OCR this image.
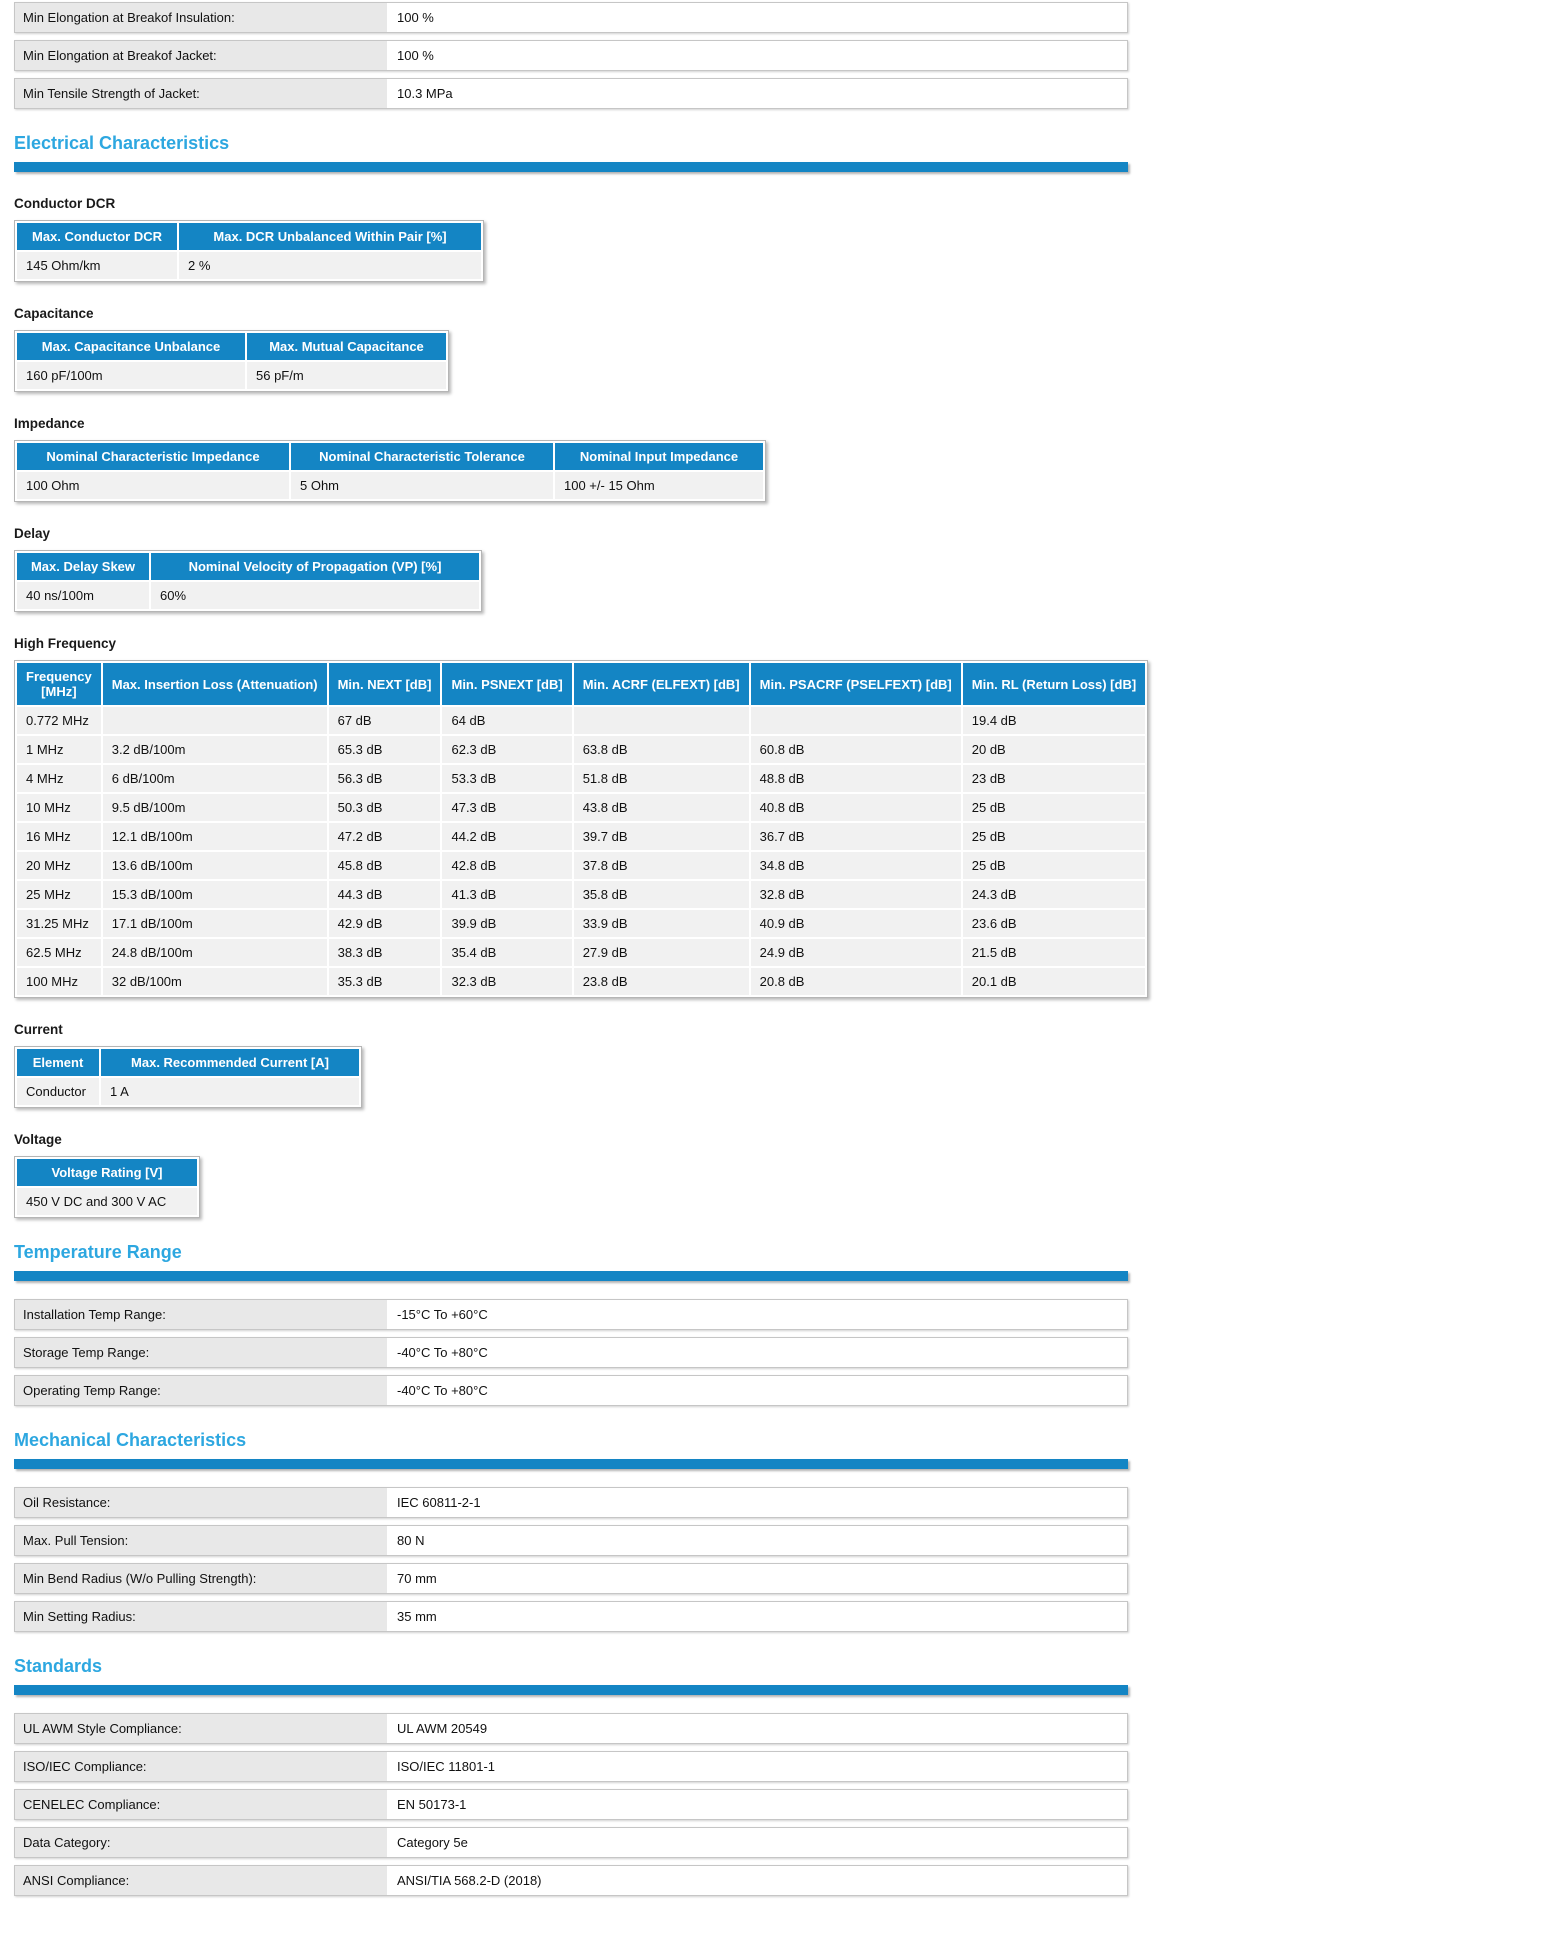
Min Elongation at Breakof Insulation:	100 %
Min Elongation at Breakof Jacket:	100 %
Min Tensile Strength of Jacket:	10.3 MPa
Electrical Characteristics
Conductor DCR
Max. Conductor DCR	Max. DCR Unbalanced Within Pair [%]
145 Ohm/km	2 %
Capacitance
Max. Capacitance Unbalance	Max. Mutual Capacitance
160 pF/100m	56 pF/m
Impedance
Nominal Characteristic Impedance	Nominal Characteristic Tolerance	Nominal Input Impedance
100 Ohm	5 Ohm	100 +/- 15 Ohm
Delay
Max. Delay Skew	Nominal Velocity of Propagation (VP) [%]
40 ns/100m	60%
High Frequency
Frequency [MHz]	Max. Insertion Loss (Attenuation)	Min. NEXT [dB]	Min. PSNEXT [dB]	Min. ACRF (ELFEXT) [dB]	Min. PSACRF (PSELFEXT) [dB]	Min. RL (Return Loss) [dB]
0.772 MHz		67 dB	64 dB			19.4 dB
1 MHz	3.2 dB/100m	65.3 dB	62.3 dB	63.8 dB	60.8 dB	20 dB
4 MHz	6 dB/100m	56.3 dB	53.3 dB	51.8 dB	48.8 dB	23 dB
10 MHz	9.5 dB/100m	50.3 dB	47.3 dB	43.8 dB	40.8 dB	25 dB
16 MHz	12.1 dB/100m	47.2 dB	44.2 dB	39.7 dB	36.7 dB	25 dB
20 MHz	13.6 dB/100m	45.8 dB	42.8 dB	37.8 dB	34.8 dB	25 dB
25 MHz	15.3 dB/100m	44.3 dB	41.3 dB	35.8 dB	32.8 dB	24.3 dB
31.25 MHz	17.1 dB/100m	42.9 dB	39.9 dB	33.9 dB	40.9 dB	23.6 dB
62.5 MHz	24.8 dB/100m	38.3 dB	35.4 dB	27.9 dB	24.9 dB	21.5 dB
100 MHz	32 dB/100m	35.3 dB	32.3 dB	23.8 dB	20.8 dB	20.1 dB
Current
Element	Max. Recommended Current [A]
Conductor	1 A
Voltage
Voltage Rating [V]
450 V DC and 300 V AC
Temperature Range
Installation Temp Range:	-15°C To +60°C
Storage Temp Range:	-40°C To +80°C
Operating Temp Range:	-40°C To +80°C
Mechanical Characteristics
Oil Resistance:	IEC 60811-2-1
Max. Pull Tension:	80 N
Min Bend Radius (W/o Pulling Strength):	70 mm
Min Setting Radius:	35 mm
Standards
UL AWM Style Compliance:	UL AWM 20549
ISO/IEC Compliance:	ISO/IEC 11801-1
CENELEC Compliance:	EN 50173-1
Data Category:	Category 5e
ANSI Compliance:	ANSI/TIA 568.2-D (2018)
